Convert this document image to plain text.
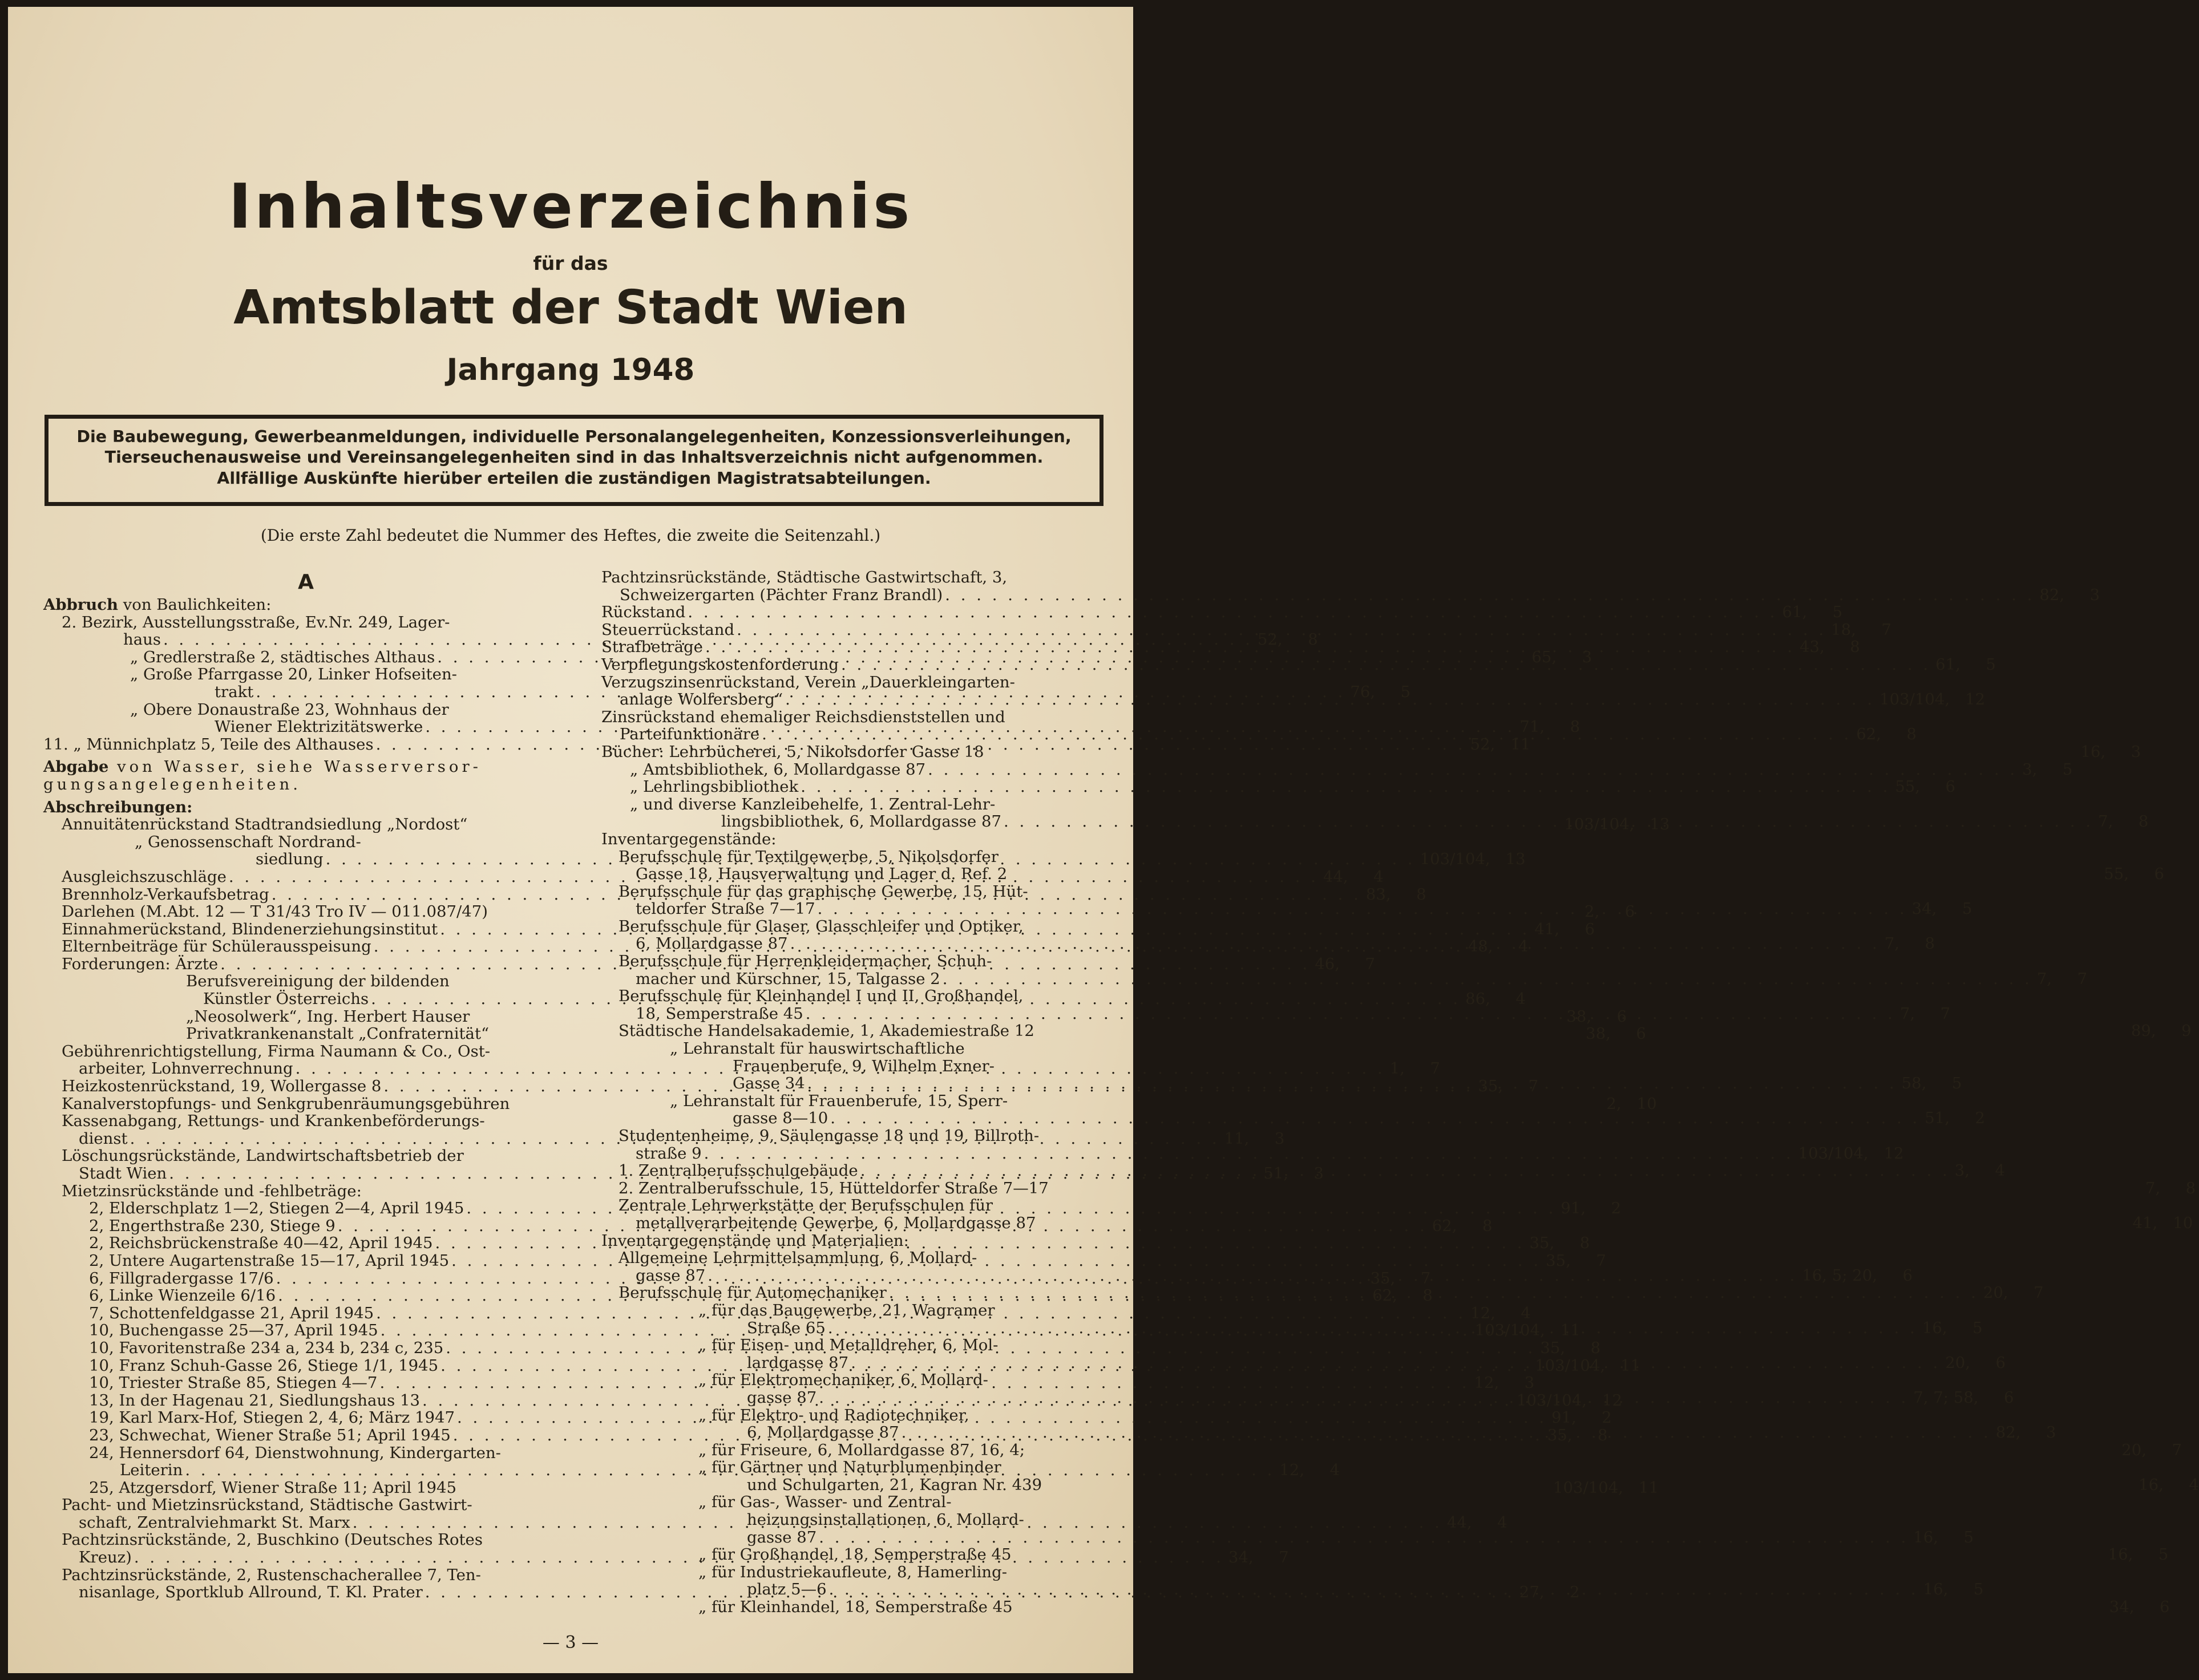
Inhaltsverzeichnis
für das
Amtsblatt der Stadt Wien
Jahrgang 1948
Die Baubewegung, Gewerbeanmeldungen, individuelle Personalangelegenheiten, Konzessionsverleihungen,
Tierseuchenausweise und Vereinsangelegenheiten sind in das Inhaltsverzeichnis nicht aufgenommen.
Allfällige Auskünfte hierüber erteilen die zuständigen Magistratsabteilungen.
(Die erste Zahl bedeutet die Nummer des Heftes, die zweite die Seitenzahl.)
A
Abbruch von Baulichkeiten:
2. Bezirk, Ausstellungsstraße, Ev.Nr. 249, Lager-
haus . . .	52,	8
„ Gredlerstraße 2, städtisches Althaus . . .	65,	3
„ Große Pfarrgasse 20, Linker Hofseiten-
trakt . . .	76,	5
„ Obere Donaustraße 23, Wohnhaus der
Wiener Elektrizitätswerke . . .	71,	8
11. „ Münnichplatz 5, Teile des Althauses . . .	52, 11
Abgabe von Wasser, siehe Wasserversor-
gungsangelegenheiten.
Abschreibungen:
Annuitätenrückstand Stadtrandsiedlung „Nordost“	103/104, 13
„ Genossenschaft Nordrand-
siedlung . . .	103/104, 13
Ausgleichszuschläge . . .	44,	4
Brennholz-Verkaufsbetrag . . .	83,	8
Darlehen (M.Abt. 12 — T 31/43 Tro IV — 011.087/47)	2,	6
Einnahmerückstand, Blindenerziehungsinstitut . . .	41,	6
Elternbeiträge für Schülerausspeisung . . .	48,	4
Forderungen: Ärzte . . .	46,	7
Berufsvereinigung der bildenden
Künstler Österreichs . . .	86,	4
„Neosolwerk“, Ing. Herbert Hauser	38,	6
Privatkrankenanstalt „Confraternität“	38,	6
Gebührenrichtigstellung, Firma Naumann & Co., Ost-
arbeiter, Lohnverrechnung . . .	1,	7
Heizkostenrückstand, 19, Wollergasse 8 . . .	35,	7
Kanalverstopfungs- und Senkgrubenräumungsgebühren	2, 10
Kassenabgang, Rettungs- und Krankenbeförderungs-
dienst . . .	11,	3
Löschungsrückstände, Landwirtschaftsbetrieb der
Stadt Wien . . .	51,	3
Mietzinsrückstände und -fehlbeträge:
2, Elderschplatz 1—2, Stiegen 2—4, April 1945 . . .	91,	2
2, Engerthstraße 230, Stiege 9 . . .	62,	8
2, Reichsbrückenstraße 40—42, April 1945 . . .	35,	8
2, Untere Augartenstraße 15—17, April 1945 . . .	35,	7
6, Fillgradergasse 17/6 . . .	35,	7
6, Linke Wienzeile 6/16 . . .	62,	8
7, Schottenfeldgasse 21, April 1945 . . .	12,	4
10, Buchengasse 25—37, April 1945 . . .	103/104, 11
10, Favoritenstraße 234 a, 234 b, 234 c, 235 . . .	35,	8
10, Franz Schuh-Gasse 26, Stiege 1/1, 1945 . . .	103/104, 11
10, Triester Straße 85, Stiegen 4—7 . . .	12,	3
13, In der Hagenau 21, Siedlungshaus 13 . . .	103/104, 12
19, Karl Marx-Hof, Stiegen 2, 4, 6; März 1947 . . .	91,	2
23, Schwechat, Wiener Straße 51; April 1945 . . .	35,	8
24, Hennersdorf 64, Dienstwohnung, Kindergarten-
Leiterin . . .	12,	4
25, Atzgersdorf, Wiener Straße 11; April 1945	103/104, 11
Pacht- und Mietzinsrückstand, Städtische Gastwirt-
schaft, Zentralviehmarkt St. Marx . . .	44,	4
Pachtzinsrückstände, 2, Buschkino (Deutsches Rotes
Kreuz) . . .	34,	7
Pachtzinsrückstände, 2, Rustenschacherallee 7, Ten-
nisanlage, Sportklub Allround, T. Kl. Prater . . .	27,	2
Pachtzinsrückstände, Städtische Gastwirtschaft, 3,
Schweizergarten (Pächter Franz Brandl) . . .	82,	3
Rückstand . . .	61,	5
Steuerrückstand . . .	18,	7
Strafbeträge . . .	43,	8
Verpflegungskostenforderung . . .	61,	5
Verzugszinsenrückstand, Verein „Dauerkleingarten-
anlage Wolfersberg“ . . .	103/104, 12
Zinsrückstand ehemaliger Reichsdienststellen und
Parteifunktionäre . . .	62,	8
Bücher: Lehrbücherei, 5, Nikolsdorfer Gasse 18	16,	3
„ Amtsbibliothek, 6, Mollardgasse 87 . . .	3,	5
„ Lehrlingsbibliothek . . .	55,	6
„ und diverse Kanzleibehelfe, 1. Zentral-Lehr-
lingsbibliothek, 6, Mollardgasse 87 . . .	7,	8
Inventargegenstände:
Berufsschule für Textilgewerbe, 5, Nikolsdorfer
Gasse 18, Hausverwaltung und Lager d. Ref. 2	55,	6
Berufsschule für das graphische Gewerbe, 15, Hüt-
teldorfer Straße 7—17 . . .	34,	5
Berufsschule für Glaser, Glasschleifer und Optiker,
6, Mollardgasse 87 . . .	7,	8
Berufsschule für Herrenkleidermacher, Schuh-
macher und Kürschner, 15, Talgasse 2 . . .	7,	7
Berufsschule für Kleinhandel I und II, Großhandel,
18, Semperstraße 45 . . .	7,	7
Städtische Handelsakademie, 1, Akademiestraße 12	89,	9
„ Lehranstalt für hauswirtschaftliche
Frauenberufe, 9, Wilhelm Exner-
Gasse 34 . . .	58,	5
„ Lehranstalt für Frauenberufe, 15, Sperr-
gasse 8—10 . . .	51,	2
Studentenheime, 9, Säulengasse 18 und 19, Billroth-
straße 9 . . .	103/104, 12
1. Zentralberufsschulgebäude . . .	3,	4
2. Zentralberufsschule, 15, Hütteldorfer Straße 7—17	7,	8
Zentrale Lehrwerkstätte der Berufsschulen für
metallverarbeitende Gewerbe, 6, Mollardgasse 87	41, 10
Inventargegenstände und Materialien:
Allgemeine Lehrmittelsammlung, 6, Mollard-
gasse 87 . . .	16, 5; 20,	6
Berufsschule für Automechaniker . . .	20,	7
„ für das Baugewerbe, 21, Wagramer
Straße 65 . . .	16,	5
„ für Eisen- und Metalldreher, 6, Mol-
lardgasse 87 . . .	20,	6
„ für Elektromechaniker, 6, Mollard-
gasse 87 . . .	7, 7; 58,	6
„ für Elektro- und Radiotechniker,
6, Mollardgasse 87 . . .	82,	3
„ für Friseure, 6, Mollardgasse 87, 16, 4;	20,	7
„ für Gärtner und Naturblumenbinder
und Schulgarten, 21, Kagran Nr. 439	16,	4
„ für Gas-, Wasser- und Zentral-
heizungsinstallationen, 6, Mollard-
gasse 87 . . .	16,	5
„ für Großhandel, 18, Semperstraße 45	16,	5
„ für Industriekaufleute, 8, Hamerling-
platz 5—6 . . .	16,	5
„ für Kleinhandel, 18, Semperstraße 45	34,	6
— 3 —
